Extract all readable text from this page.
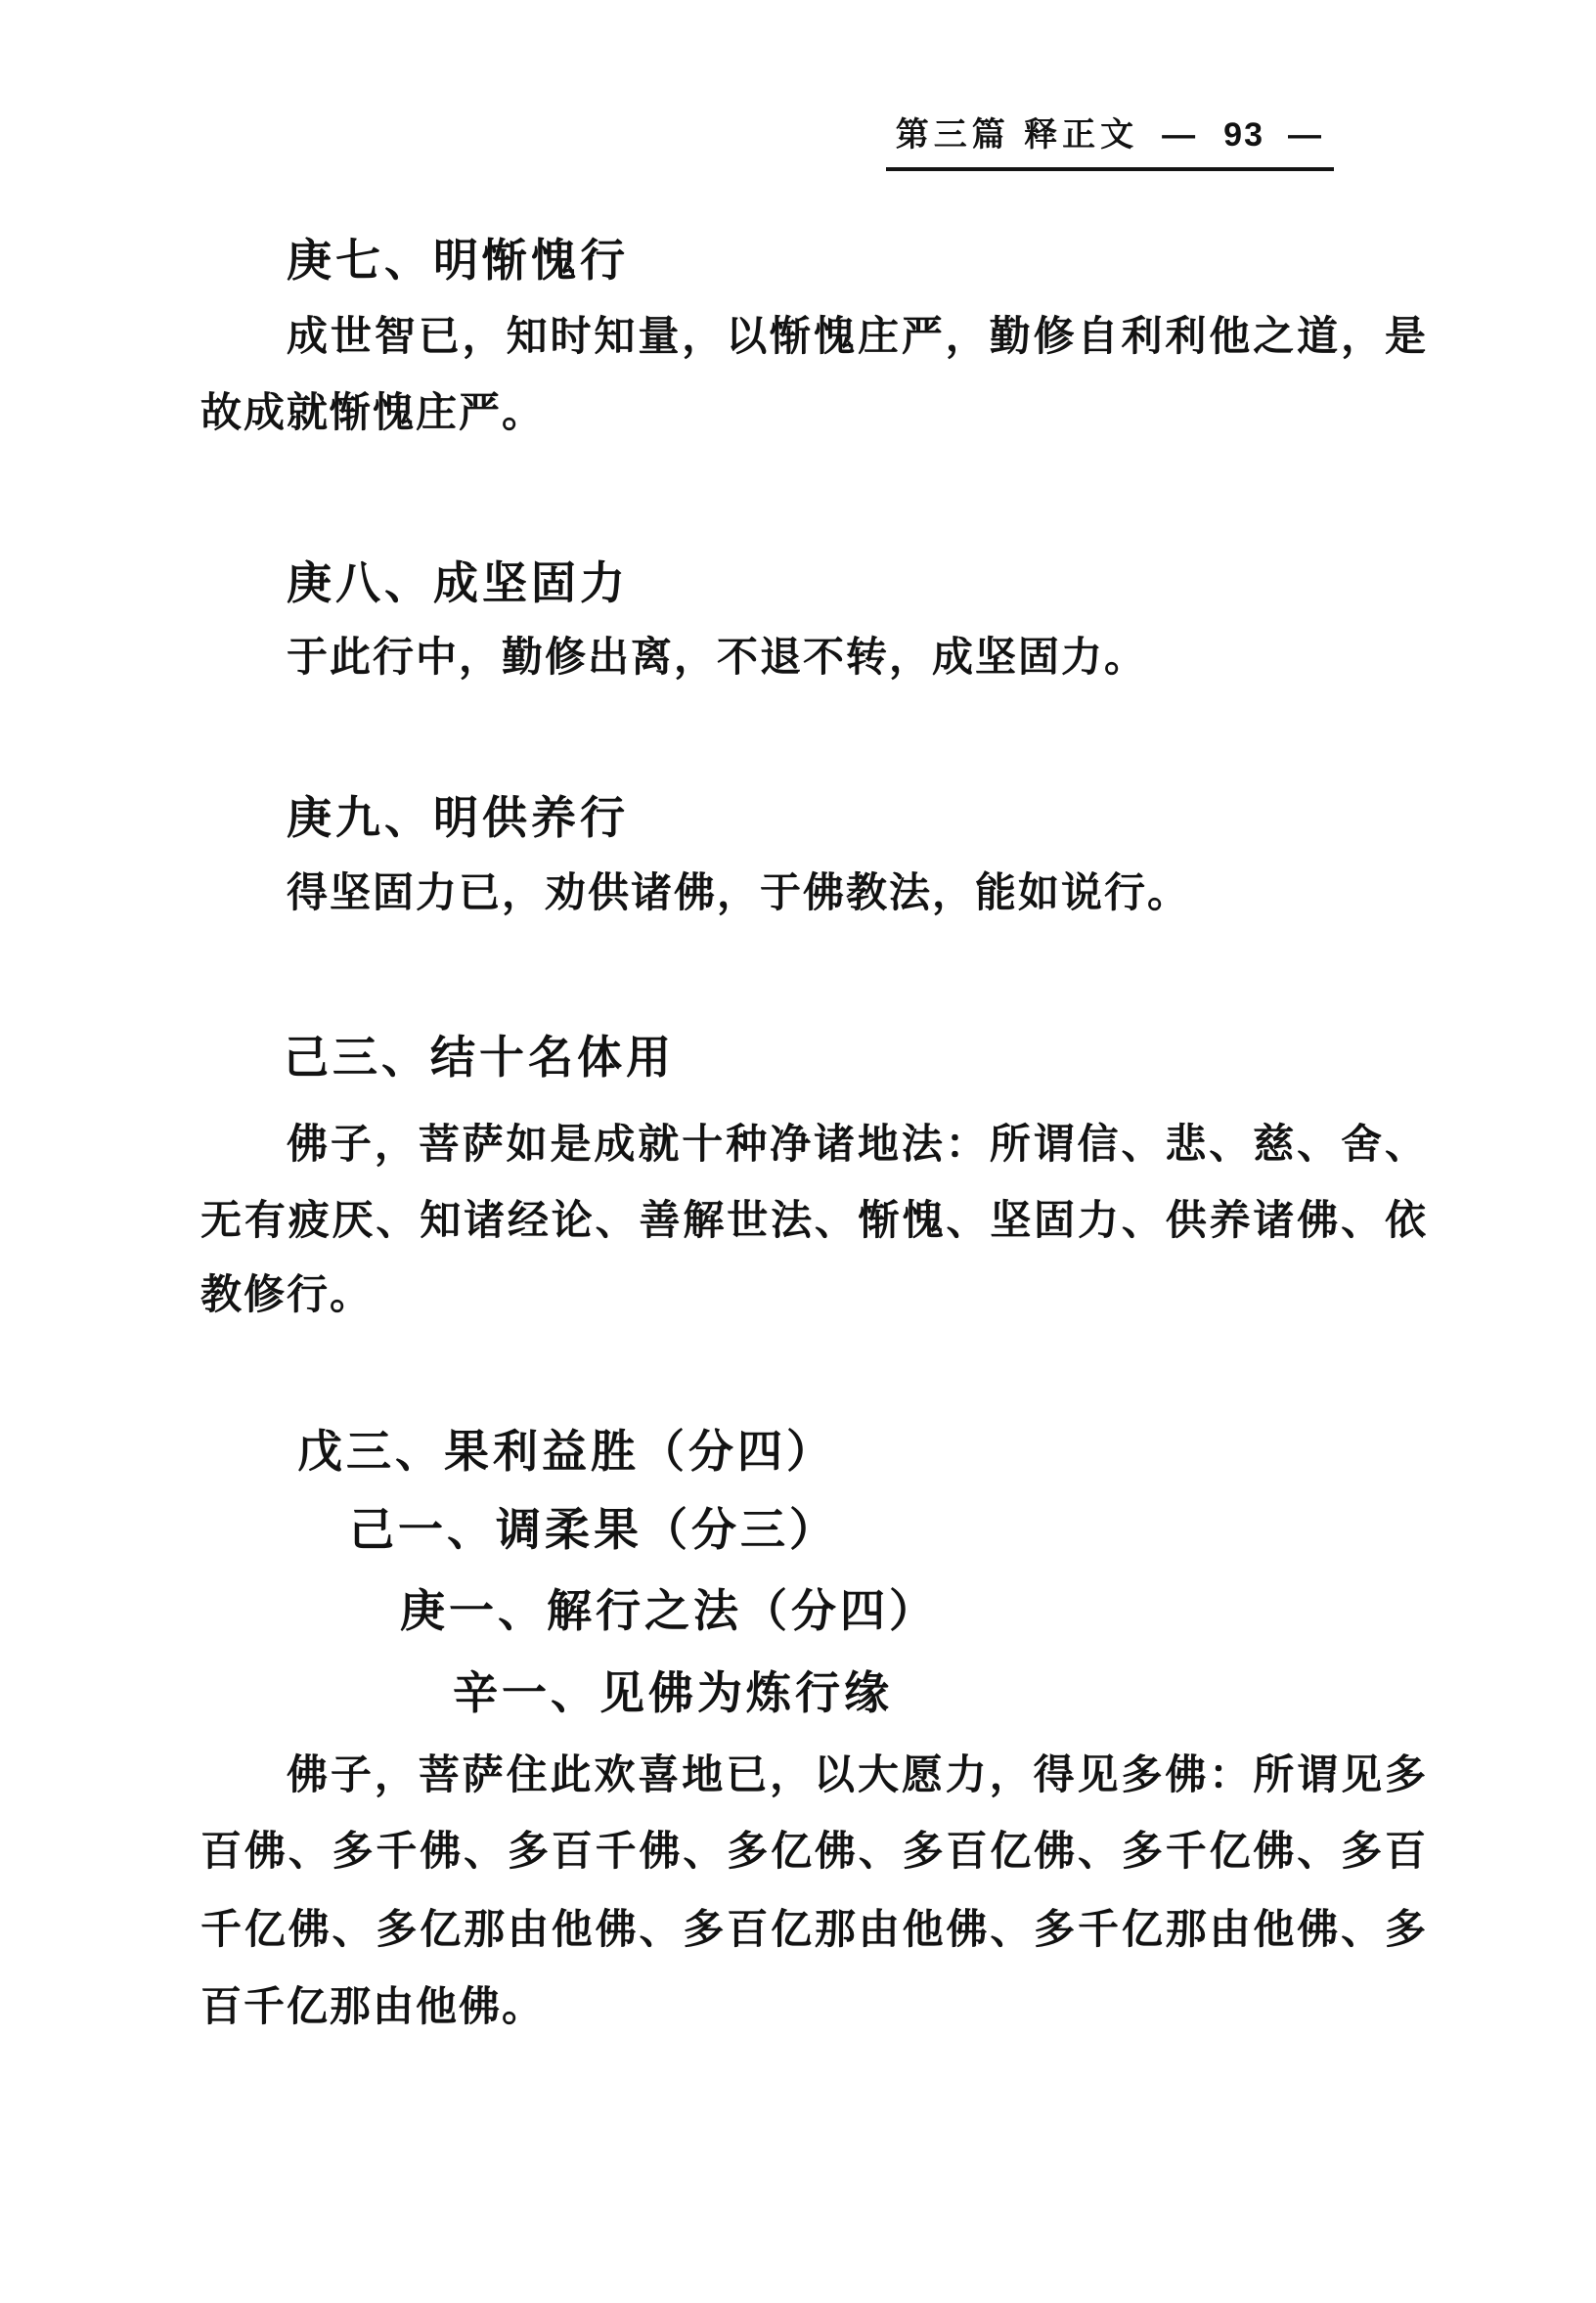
第三篇 释正文 — 93 —
庚七、明惭愧行
成世智已，知时知量，以惭愧庄严，勤修自利利他之道，是
故成就惭愧庄严。
庚八、成坚固力
于此行中，勤修出离，不退不转，成坚固力。
庚九、明供养行
得坚固力已，劝供诸佛，于佛教法，能如说行。
己三、结十名体用
佛子，菩萨如是成就十种净诸地法：所谓信、悲、慈、舍、
无有疲厌、知诸经论、善解世法、惭愧、坚固力、供养诸佛、依
教修行。
戊三、果利益胜（分四）
己一、调柔果（分三）
庚一、解行之法（分四）
辛一、见佛为炼行缘
佛子，菩萨住此欢喜地已，以大愿力，得见多佛：所谓见多
百佛、多千佛、多百千佛、多亿佛、多百亿佛、多千亿佛、多百
千亿佛、多亿那由他佛、多百亿那由他佛、多千亿那由他佛、多
百千亿那由他佛。
